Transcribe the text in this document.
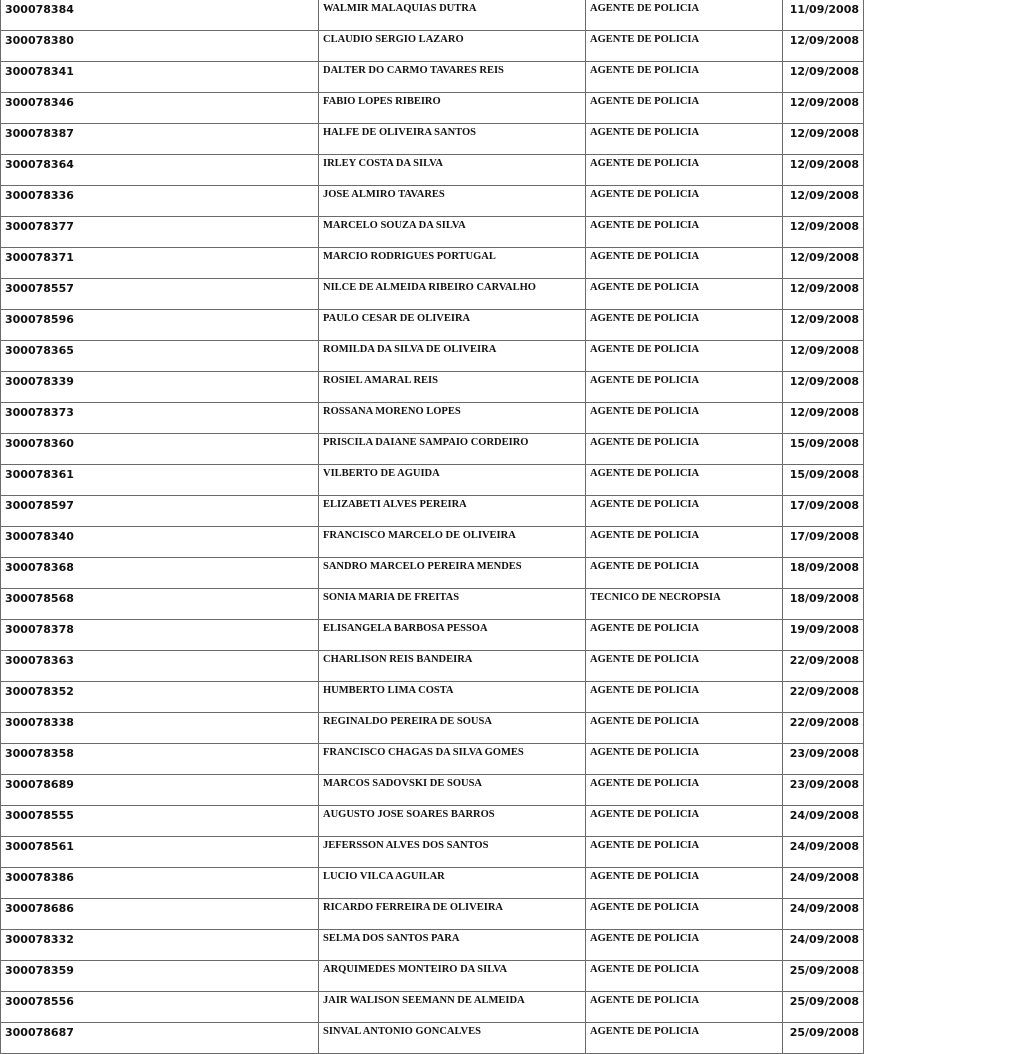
300078384	WALMIR MALAQUIAS DUTRA	AGENTE DE POLICIA	11/09/2008
300078380	CLAUDIO SERGIO LAZARO	AGENTE DE POLICIA	12/09/2008
300078341	DALTER DO CARMO TAVARES REIS	AGENTE DE POLICIA	12/09/2008
300078346	FABIO LOPES RIBEIRO	AGENTE DE POLICIA	12/09/2008
300078387	HALFE DE OLIVEIRA SANTOS	AGENTE DE POLICIA	12/09/2008
300078364	IRLEY COSTA DA SILVA	AGENTE DE POLICIA	12/09/2008
300078336	JOSE ALMIRO TAVARES	AGENTE DE POLICIA	12/09/2008
300078377	MARCELO SOUZA DA SILVA	AGENTE DE POLICIA	12/09/2008
300078371	MARCIO RODRIGUES PORTUGAL	AGENTE DE POLICIA	12/09/2008
300078557	NILCE DE ALMEIDA RIBEIRO CARVALHO	AGENTE DE POLICIA	12/09/2008
300078596	PAULO CESAR DE OLIVEIRA	AGENTE DE POLICIA	12/09/2008
300078365	ROMILDA DA SILVA DE OLIVEIRA	AGENTE DE POLICIA	12/09/2008
300078339	ROSIEL AMARAL REIS	AGENTE DE POLICIA	12/09/2008
300078373	ROSSANA MORENO LOPES	AGENTE DE POLICIA	12/09/2008
300078360	PRISCILA DAIANE SAMPAIO CORDEIRO	AGENTE DE POLICIA	15/09/2008
300078361	VILBERTO DE AGUIDA	AGENTE DE POLICIA	15/09/2008
300078597	ELIZABETI ALVES PEREIRA	AGENTE DE POLICIA	17/09/2008
300078340	FRANCISCO MARCELO DE OLIVEIRA	AGENTE DE POLICIA	17/09/2008
300078368	SANDRO MARCELO PEREIRA MENDES	AGENTE DE POLICIA	18/09/2008
300078568	SONIA MARIA DE FREITAS	TECNICO DE NECROPSIA	18/09/2008
300078378	ELISANGELA BARBOSA PESSOA	AGENTE DE POLICIA	19/09/2008
300078363	CHARLISON REIS BANDEIRA	AGENTE DE POLICIA	22/09/2008
300078352	HUMBERTO LIMA COSTA	AGENTE DE POLICIA	22/09/2008
300078338	REGINALDO PEREIRA DE SOUSA	AGENTE DE POLICIA	22/09/2008
300078358	FRANCISCO CHAGAS DA SILVA GOMES	AGENTE DE POLICIA	23/09/2008
300078689	MARCOS SADOVSKI DE SOUSA	AGENTE DE POLICIA	23/09/2008
300078555	AUGUSTO JOSE SOARES BARROS	AGENTE DE POLICIA	24/09/2008
300078561	JEFERSSON ALVES DOS SANTOS	AGENTE DE POLICIA	24/09/2008
300078386	LUCIO VILCA AGUILAR	AGENTE DE POLICIA	24/09/2008
300078686	RICARDO FERREIRA DE OLIVEIRA	AGENTE DE POLICIA	24/09/2008
300078332	SELMA DOS SANTOS PARA	AGENTE DE POLICIA	24/09/2008
300078359	ARQUIMEDES MONTEIRO DA SILVA	AGENTE DE POLICIA	25/09/2008
300078556	JAIR WALISON SEEMANN DE ALMEIDA	AGENTE DE POLICIA	25/09/2008
300078687	SINVAL ANTONIO GONCALVES	AGENTE DE POLICIA	25/09/2008
